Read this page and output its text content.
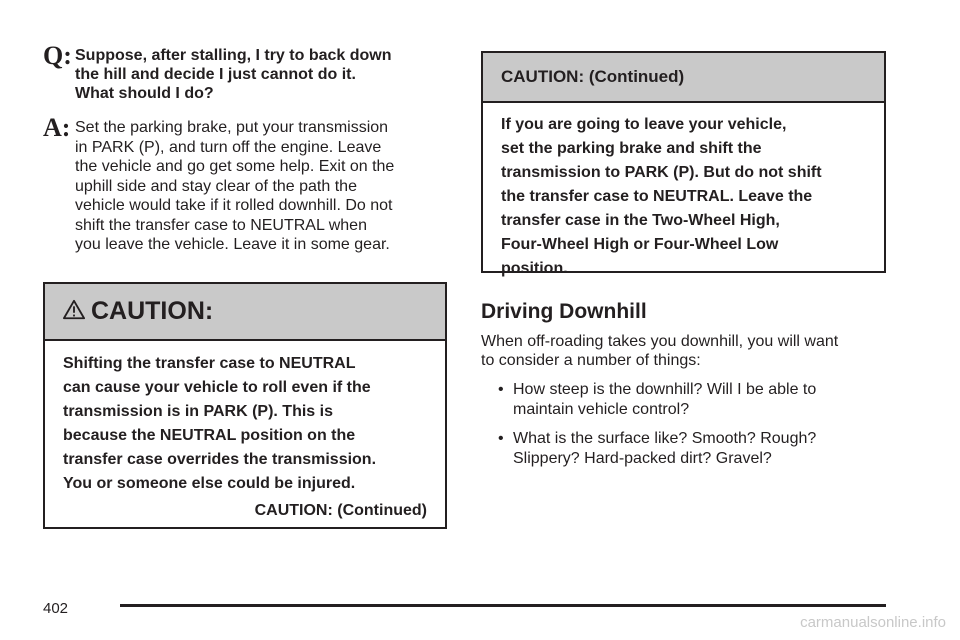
Q: Suppose, after stalling, I try to back down

the hill and decide I just cannot do it.

What should I do?

A: Set the parking brake, put your transmission

in PARK (P), and turn off the engine. Leave

the vehicle and go get some help. Exit on the

uphill side and stay clear of the path the

vehicle would take if it rolled downhill. Do not

shift the transfer case to NEUTRAL when

you leave the vehicle. Leave it in some gear.

CAUTION:

Shifting the transfer case to NEUTRAL

can cause your vehicle to roll even if the

transmission is in PARK (P). This is

because the NEUTRAL position on the

transfer case overrides the transmission.

You or someone else could be injured.

CAUTION: (Continued)
CAUTION: (Continued)

If you are going to leave your vehicle,

set the parking brake and shift the

transmission to PARK (P). But do not shift

the transfer case to NEUTRAL. Leave the

transfer case in the Two-Wheel High,

Four-Wheel High or Four-Wheel Low

position.

Driving Downhill

When off-roading takes you downhill, you will want

to consider a number of things:

• How steep is the downhill? Will I be able to
maintain vehicle control?
• What is the surface like? Smooth? Rough?
Slippery? Hard-packed dirt? Gravel?
402
carmanualsonline.info
